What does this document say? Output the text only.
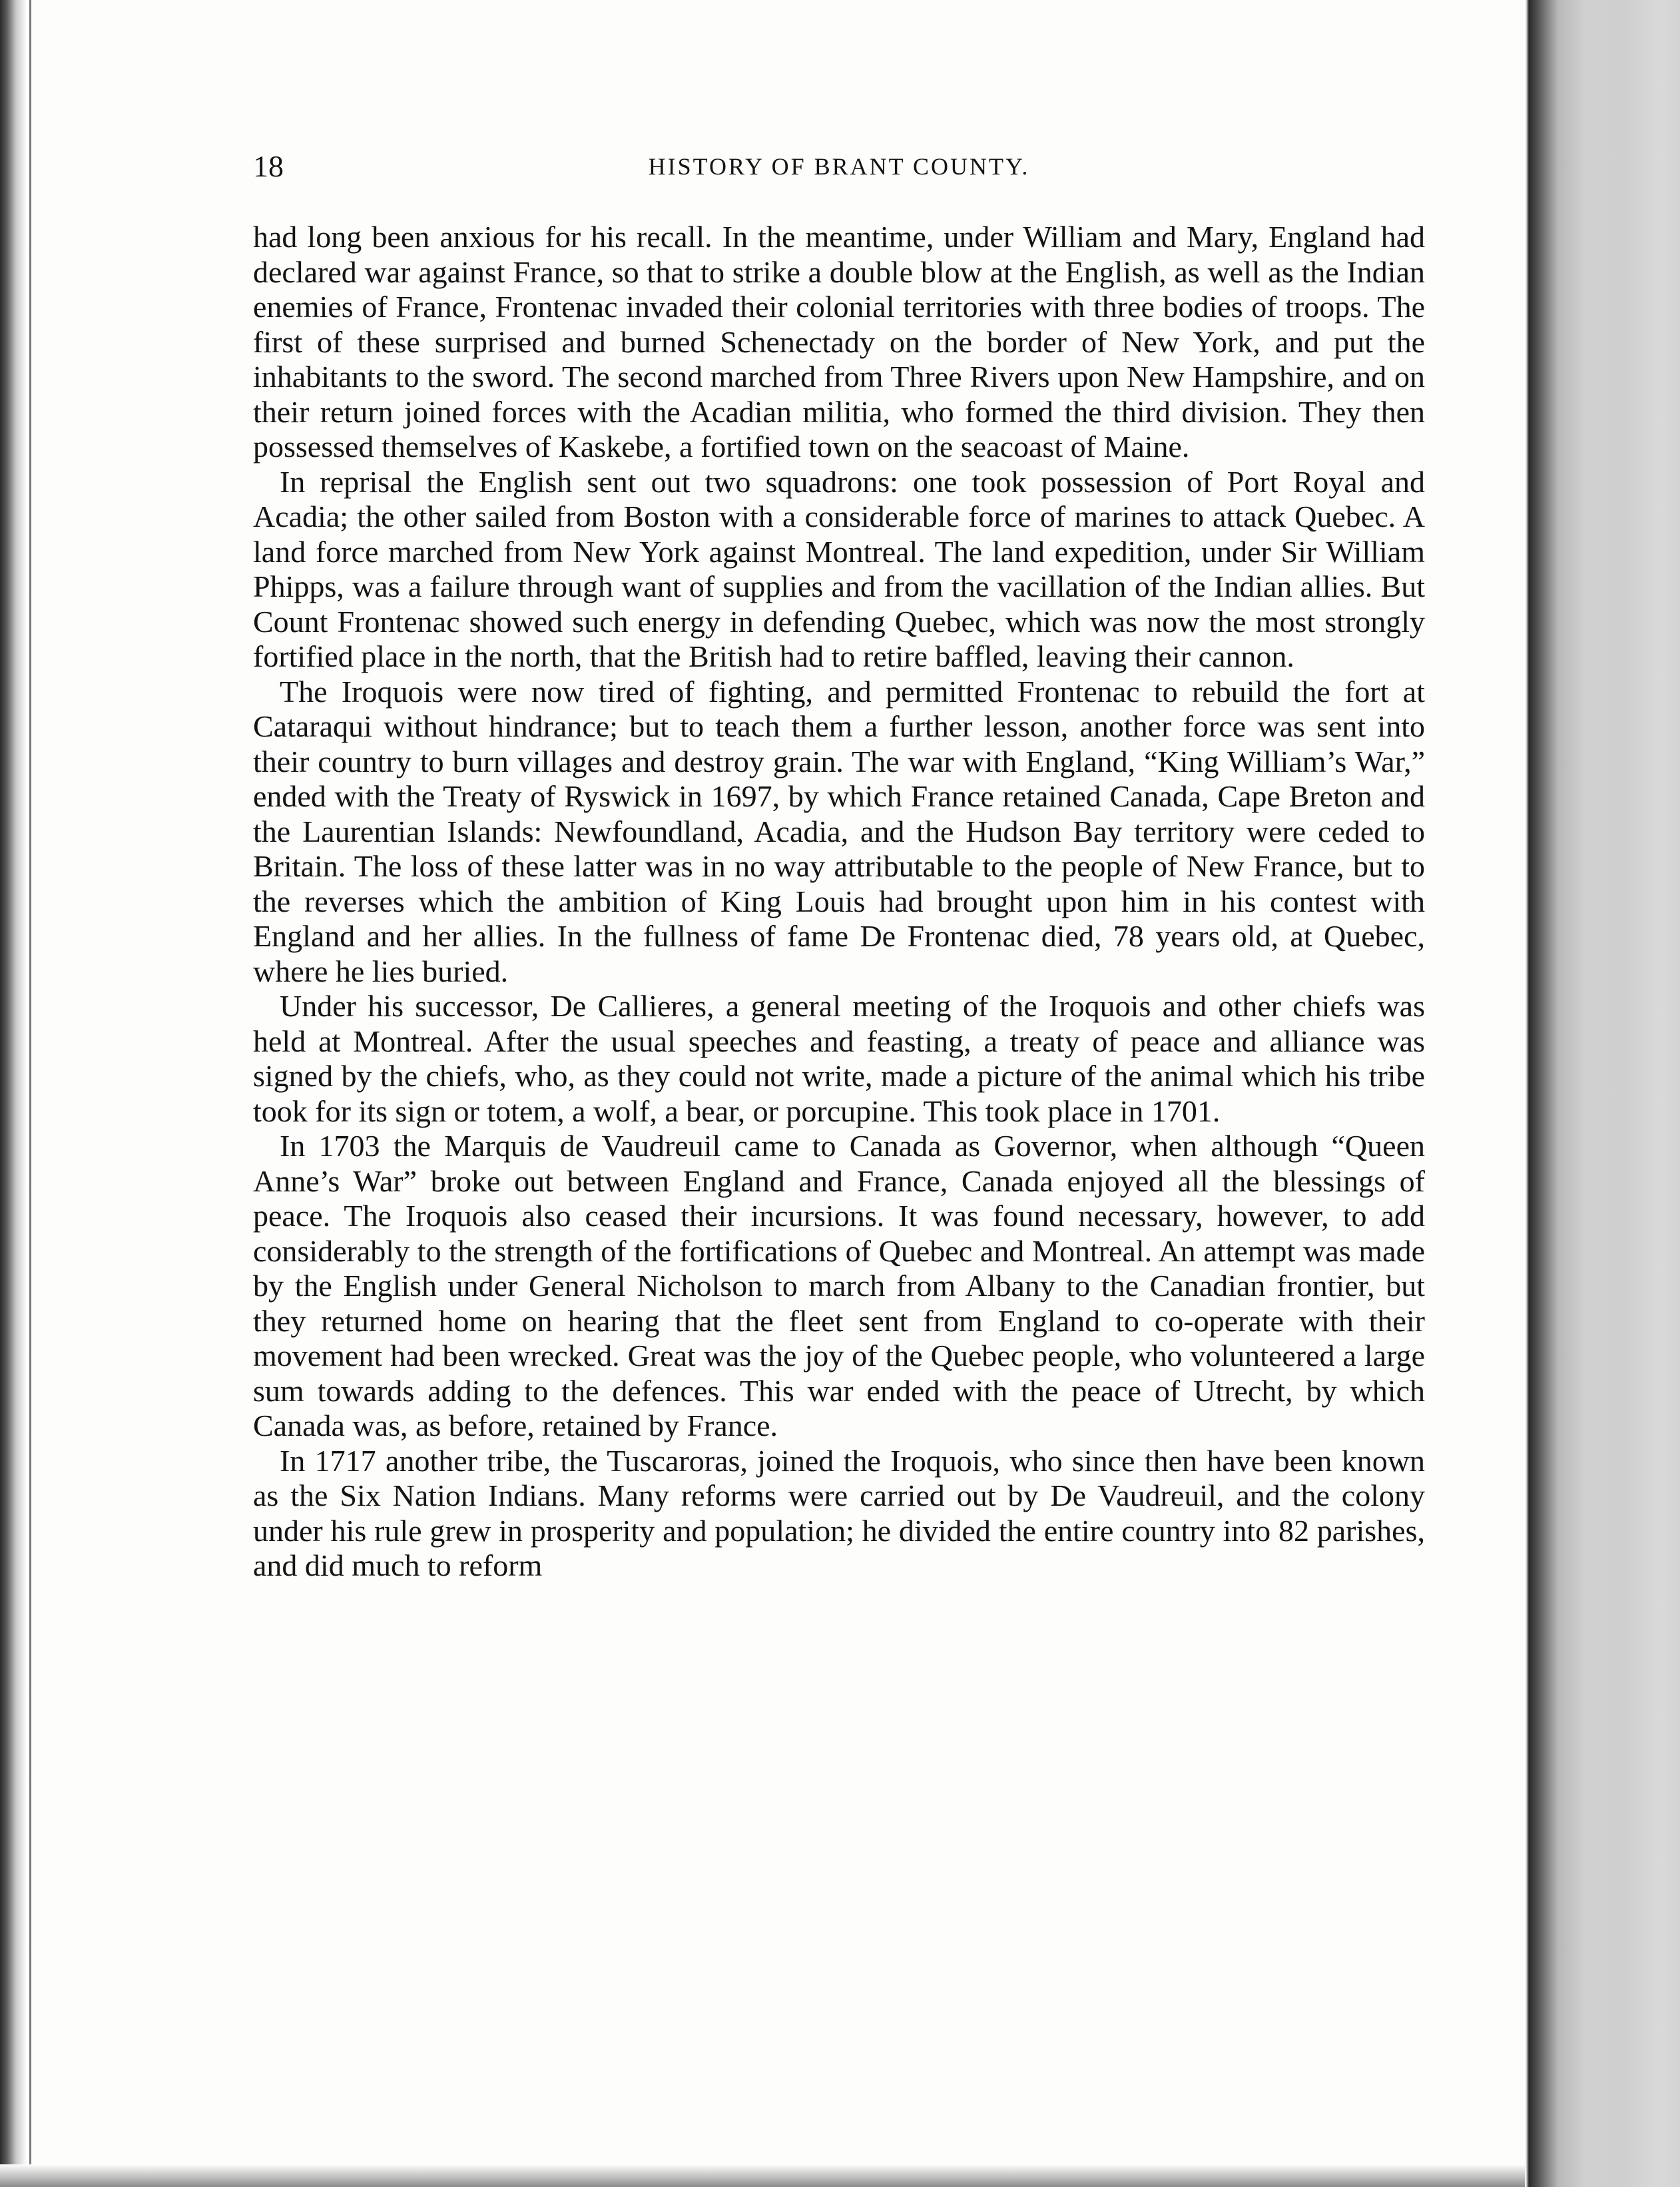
18	HISTORY OF BRANT COUNTY.

had long been anxious for his recall. In the meantime, under William and Mary, England had declared war against France, so that to strike a double blow at the English, as well as the Indian enemies of France, Frontenac invaded their colonial territories with three bodies of troops. The first of these surprised and burned Schenectady on the border of New York, and put the inhabitants to the sword. The second marched from Three Rivers upon New Hampshire, and on their return joined forces with the Acadian militia, who formed the third division. They then possessed themselves of Kaskebe, a fortified town on the seacoast of Maine.

In reprisal the English sent out two squadrons: one took possession of Port Royal and Acadia; the other sailed from Boston with a considerable force of marines to attack Quebec. A land force marched from New York against Montreal. The land expedition, under Sir William Phipps, was a failure through want of supplies and from the vacillation of the Indian allies. But Count Frontenac showed such energy in defending Quebec, which was now the most strongly fortified place in the north, that the British had to retire baffled, leaving their cannon.

The Iroquois were now tired of fighting, and permitted Frontenac to rebuild the fort at Cataraqui without hindrance; but to teach them a further lesson, another force was sent into their country to burn villages and destroy grain. The war with England, “King William’s War,” ended with the Treaty of Ryswick in 1697, by which France retained Canada, Cape Breton and the Laurentian Islands: Newfoundland, Acadia, and the Hudson Bay territory were ceded to Britain. The loss of these latter was in no way attributable to the people of New France, but to the reverses which the ambition of King Louis had brought upon him in his contest with England and her allies. In the fullness of fame De Frontenac died, 78 years old, at Quebec, where he lies buried.

Under his successor, De Callieres, a general meeting of the Iroquois and other chiefs was held at Montreal. After the usual speeches and feasting, a treaty of peace and alliance was signed by the chiefs, who, as they could not write, made a picture of the animal which his tribe took for its sign or totem, a wolf, a bear, or porcupine. This took place in 1701.

In 1703 the Marquis de Vaudreuil came to Canada as Governor, when although “Queen Anne’s War” broke out between England and France, Canada enjoyed all the blessings of peace. The Iroquois also ceased their incursions. It was found necessary, however, to add considerably to the strength of the fortifications of Quebec and Montreal. An attempt was made by the English under General Nicholson to march from Albany to the Canadian frontier, but they returned home on hearing that the fleet sent from England to co-operate with their movement had been wrecked. Great was the joy of the Quebec people, who volunteered a large sum towards adding to the defences. This war ended with the peace of Utrecht, by which Canada was, as before, retained by France.

In 1717 another tribe, the Tuscaroras, joined the Iroquois, who since then have been known as the Six Nation Indians. Many reforms were carried out by De Vaudreuil, and the colony under his rule grew in prosperity and population; he divided the entire country into 82 parishes, and did much to reform
